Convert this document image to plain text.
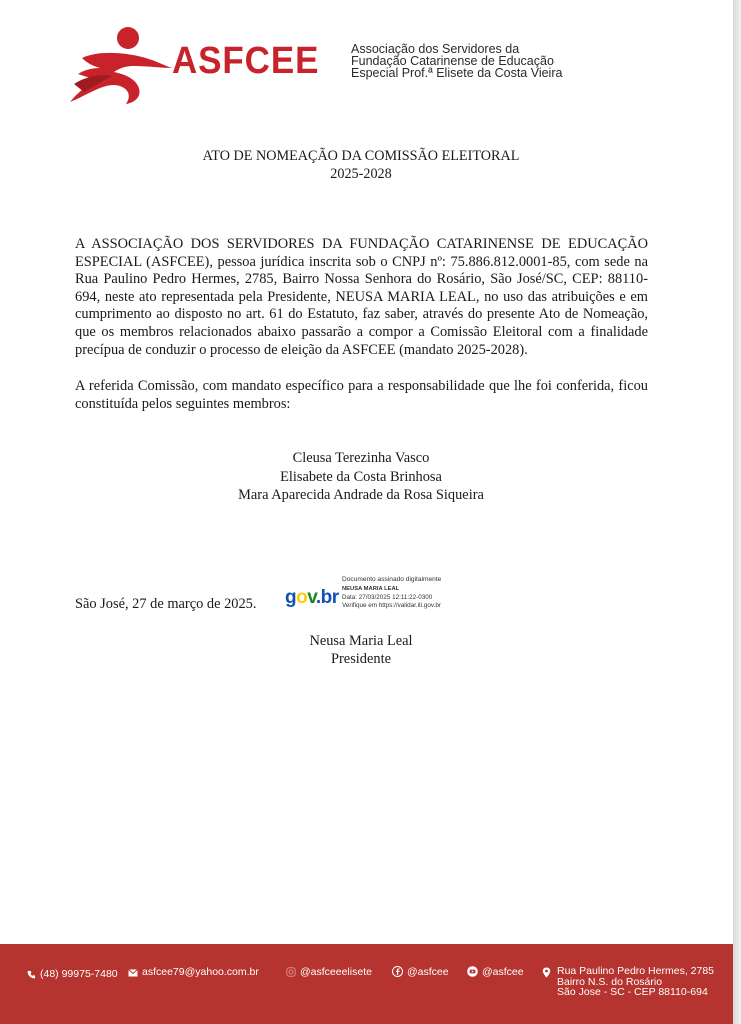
ASFCEE	Associação dos Servidores da
Fundação Catarinense de Educação
Especial Prof.ª Elisete da Costa Vieira
ATO DE NOMEAÇÃO DA COMISSÃO ELEITORAL
2025-2028

A ASSOCIAÇÃO DOS SERVIDORES DA FUNDAÇÃO CATARINENSE DE EDUCAÇÃO ESPECIAL (ASFCEE), pessoa jurídica inscrita sob o CNPJ nº: 75.886.812.0001-85, com sede na Rua Paulino Pedro Hermes, 2785, Bairro Nossa Senhora do Rosário, São José/SC, CEP: 88110-694, neste ato representada pela Presidente, NEUSA MARIA LEAL, no uso das atribuições e em cumprimento ao disposto no art. 61 do Estatuto, faz saber, através do presente Ato de Nomeação, que os membros relacionados abaixo passarão a compor a Comissão Eleitoral com a finalidade precípua de conduzir o processo de eleição da ASFCEE (mandato 2025-2028).

A referida Comissão, com mandato específico para a responsabilidade que lhe foi conferida, ficou constituída pelos seguintes membros:

Cleusa Terezinha Vasco
Elisabete da Costa Brinhosa
Mara Aparecida Andrade da Rosa Siqueira
São José, 27 de março de 2025. gov.br
Documento assinado digitalmente
NEUSA MARIA LEAL
Data: 27/03/2025 12:11:22-0300
Verifique em https://validar.iti.gov.br
Neusa Maria Leal
Presidente
(48) 99975-7480	asfcee79@yahoo.com.br	@asfceeelisete	@asfcee	@asfcee	Rua Paulino Pedro Hermes, 2785
Bairro N.S. do Rosário
São Jose - SC - CEP 88110-694
